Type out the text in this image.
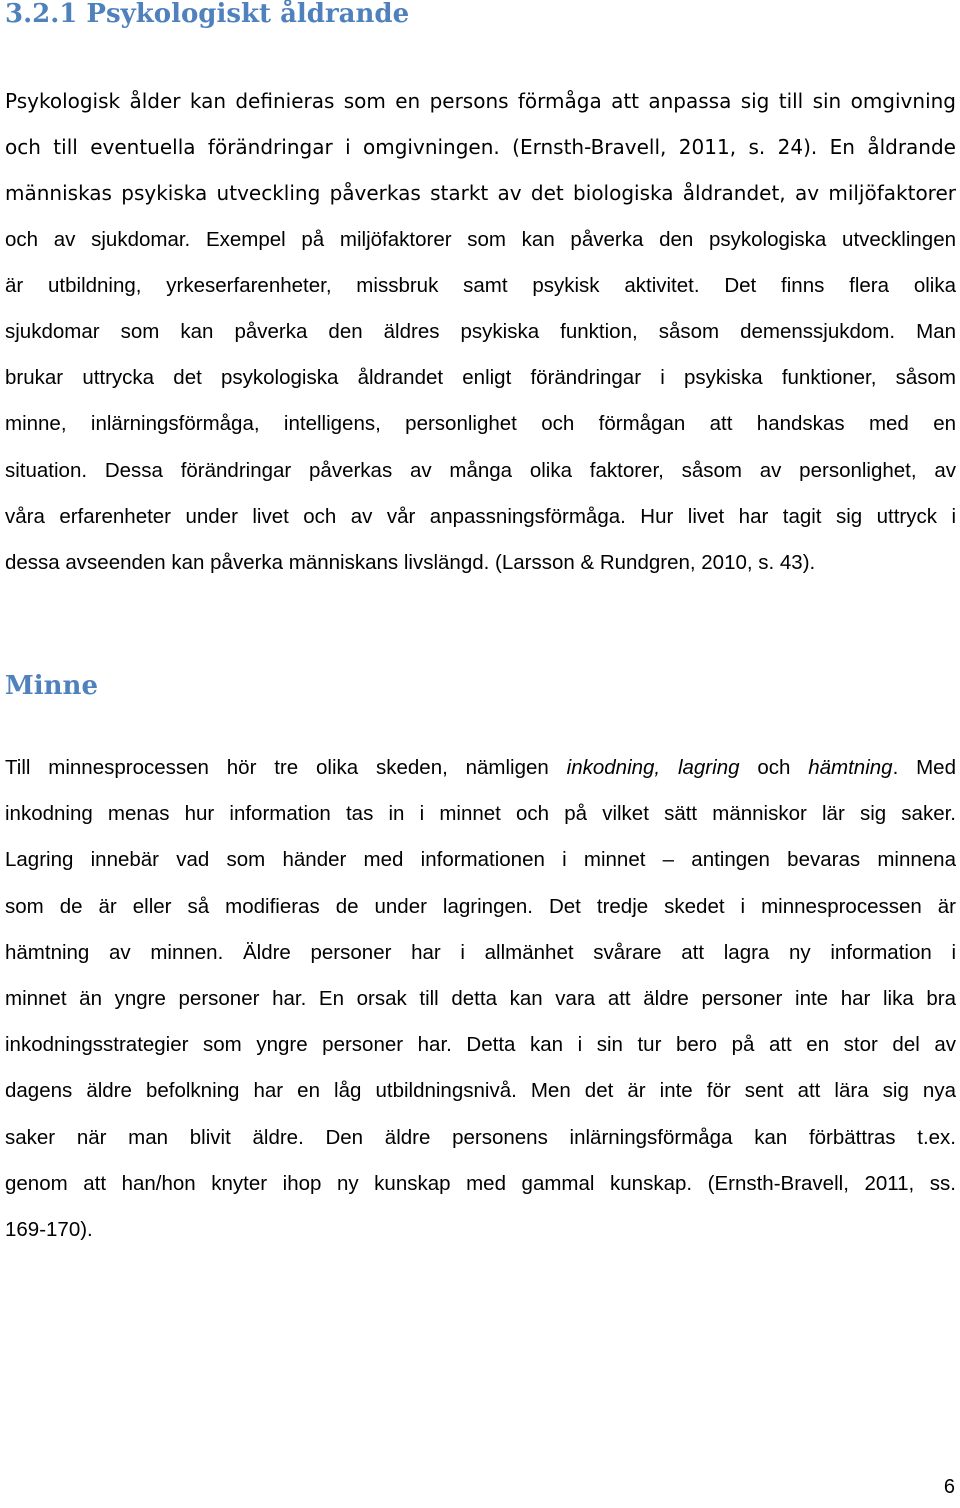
3.2.1 Psykologiskt åldrande

Psykologisk ålder kan definieras som en persons förmåga att anpassa sig till sin omgivning
och till eventuella förändringar i omgivningen. (Ernsth-Bravell, 2011, s. 24). En åldrande
människas psykiska utveckling påverkas starkt av det biologiska åldrandet, av miljöfaktorer
och av sjukdomar. Exempel på miljöfaktorer som kan påverka den psykologiska utvecklingen
är utbildning, yrkeserfarenheter, missbruk samt psykisk aktivitet. Det finns flera olika
sjukdomar som kan påverka den äldres psykiska funktion, såsom demenssjukdom. Man
brukar uttrycka det psykologiska åldrandet enligt förändringar i psykiska funktioner, såsom
minne, inlärningsförmåga, intelligens, personlighet och förmågan att handskas med en
situation. Dessa förändringar påverkas av många olika faktorer, såsom av personlighet, av
våra erfarenheter under livet och av vår anpassningsförmåga. Hur livet har tagit sig uttryck i
dessa avseenden kan påverka människans livslängd. (Larsson & Rundgren, 2010, s. 43).

Minne

Till minnesprocessen hör tre olika skeden, nämligen inkodning, lagring och hämtning. Med
inkodning menas hur information tas in i minnet och på vilket sätt människor lär sig saker.
Lagring innebär vad som händer med informationen i minnet – antingen bevaras minnena
som de är eller så modifieras de under lagringen. Det tredje skedet i minnesprocessen är
hämtning av minnen. Äldre personer har i allmänhet svårare att lagra ny information i
minnet än yngre personer har. En orsak till detta kan vara att äldre personer inte har lika bra
inkodningsstrategier som yngre personer har. Detta kan i sin tur bero på att en stor del av
dagens äldre befolkning har en låg utbildningsnivå. Men det är inte för sent att lära sig nya
saker när man blivit äldre. Den äldre personens inlärningsförmåga kan förbättras t.ex.
genom att han/hon knyter ihop ny kunskap med gammal kunskap. (Ernsth-Bravell, 2011, ss.
169-170).

6
